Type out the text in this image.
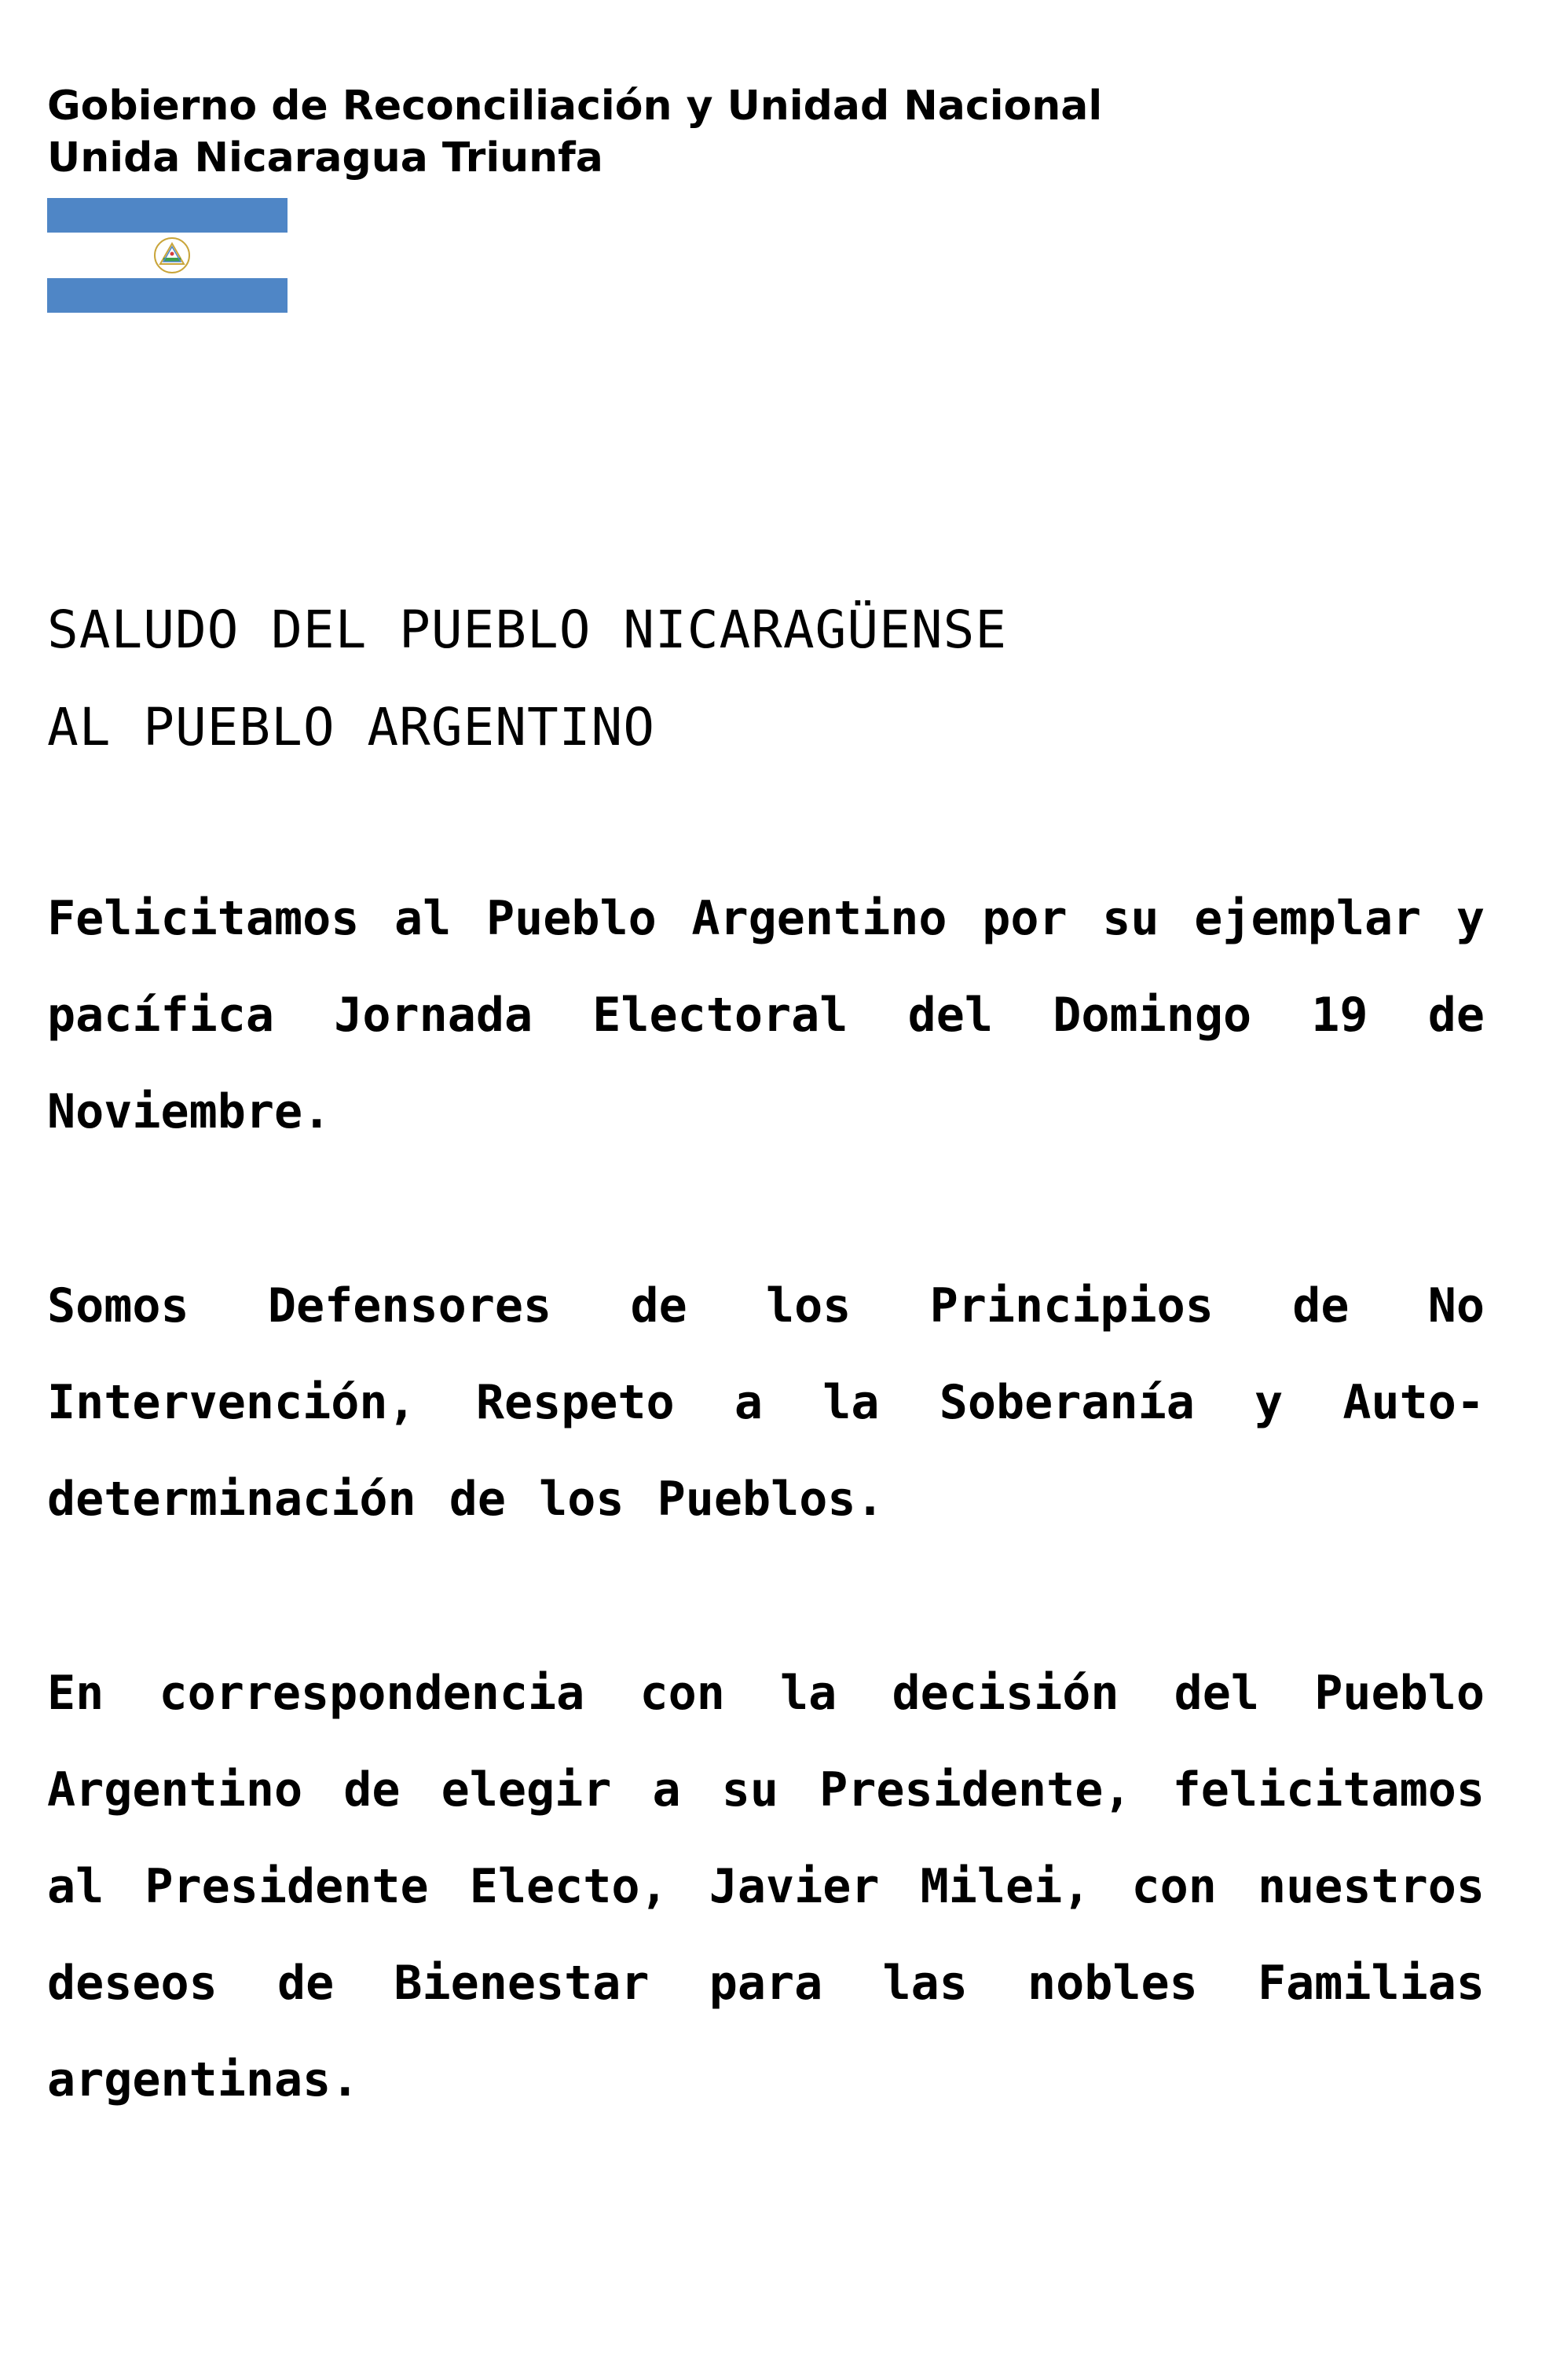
Gobierno de Reconciliación y Unidad Nacional
Unida Nicaragua Triunfa
SALUDO DEL PUEBLO NICARAGÜENSE
AL PUEBLO ARGENTINO

Felicitamos al Pueblo Argentino por su ejemplar y pacífica Jornada Electoral del Domingo 19 de Noviembre.

Somos Defensores de los Principios de No Intervención, Respeto a la Soberanía y Auto-determinación de los Pueblos.

En correspondencia con la decisión del Pueblo Argentino de elegir a su Presidente, felicitamos al Presidente Electo, Javier Milei, con nuestros deseos de Bienestar para las nobles Familias argentinas.
